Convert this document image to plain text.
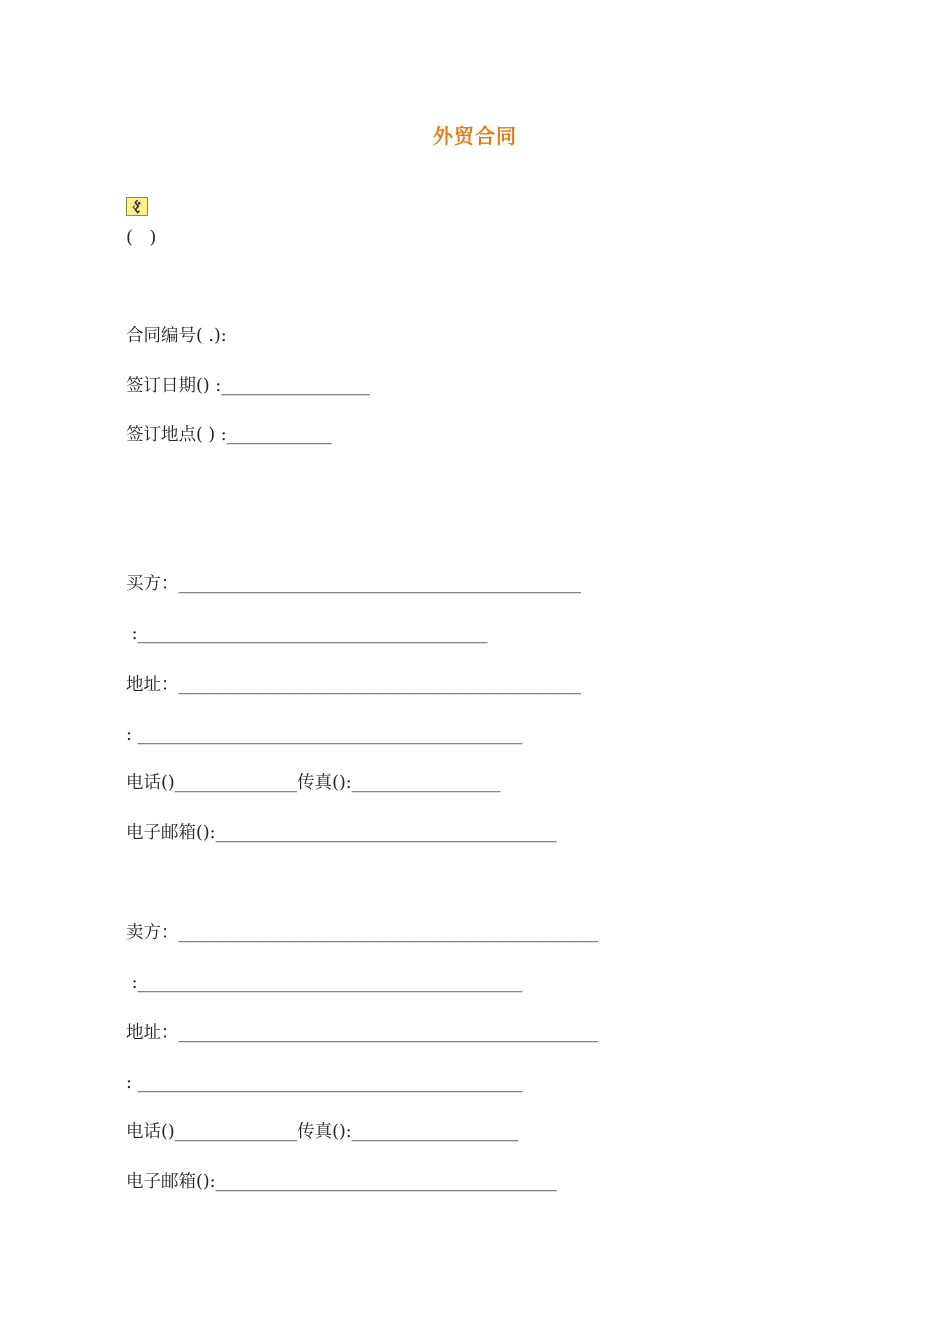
外贸合同
(   )
合同编号( .):
签订日期() :_________________
签订地点( ) :____________
买方：______________________________________________
:________________________________________
地址：______________________________________________
: ____________________________________________
电话()______________传真():_________________
电子邮箱():_______________________________________
卖方：________________________________________________
:____________________________________________
地址：________________________________________________
: ____________________________________________
电话()______________传真():___________________
电子邮箱():_______________________________________
